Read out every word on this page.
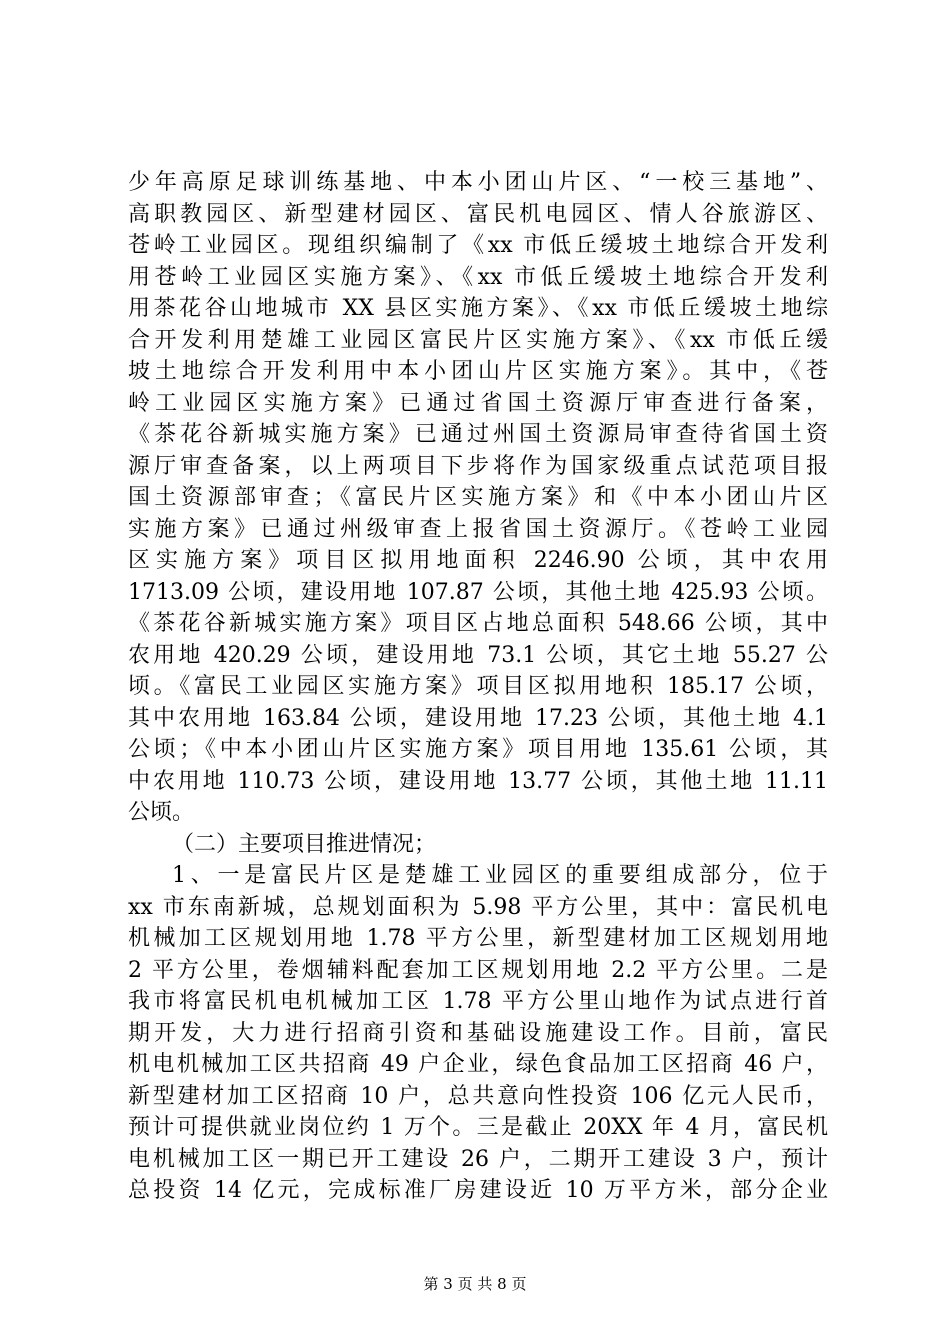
少年高原足球训练基地、中本小团山片区、“一校三基地”、
高职教园区、新型建材园区、富民机电园区、情人谷旅游区、
苍岭工业园区。现组织编制了《xx 市低丘缓坡土地综合开发利
用苍岭工业园区实施方案》、《xx 市低丘缓坡土地综合开发利
用茶花谷山地城市 XX 县区实施方案》、《xx 市低丘缓坡土地综
合开发利用楚雄工业园区富民片区实施方案》、《xx 市低丘缓
坡土地综合开发利用中本小团山片区实施方案》。其中，《苍
岭工业园区实施方案》已通过省国土资源厅审查进行备案，
《茶花谷新城实施方案》已通过州国土资源局审查待省国土资
源厅审查备案，以上两项目下步将作为国家级重点试范项目报
国土资源部审查；《富民片区实施方案》和《中本小团山片区
实施方案》已通过州级审查上报省国土资源厅。《苍岭工业园
区实施方案》项目区拟用地面积 2246.90 公顷，其中农用
1713.09 公顷，建设用地 107.87 公顷，其他土地 425.93 公顷。
《茶花谷新城实施方案》项目区占地总面积 548.66 公顷，其中
农用地 420.29 公顷，建设用地 73.1 公顷，其它土地 55.27 公
顷。《富民工业园区实施方案》项目区拟用地积 185.17 公顷，
其中农用地 163.84 公顷，建设用地 17.23 公顷，其他土地 4.1
公顷；《中本小团山片区实施方案》项目用地 135.61 公顷，其
中农用地 110.73 公顷，建设用地 13.77 公顷，其他土地 11.11
公顷。
（二）主要项目推进情况；
1、一是富民片区是楚雄工业园区的重要组成部分，位于
xx 市东南新城，总规划面积为 5.98 平方公里，其中：富民机电
机械加工区规划用地 1.78 平方公里，新型建材加工区规划用地
2 平方公里，卷烟辅料配套加工区规划用地 2.2 平方公里。二是
我市将富民机电机械加工区 1.78 平方公里山地作为试点进行首
期开发，大力进行招商引资和基础设施建设工作。目前，富民
机电机械加工区共招商 49 户企业，绿色食品加工区招商 46 户，
新型建材加工区招商 10 户，总共意向性投资 106 亿元人民币，
预计可提供就业岗位约 1 万个。三是截止 20XX 年 4 月，富民机
电机械加工区一期已开工建设 26 户，二期开工建设 3 户，预计
总投资 14 亿元，完成标准厂房建设近 10 万平方米，部分企业
第 3 页 共 8 页
